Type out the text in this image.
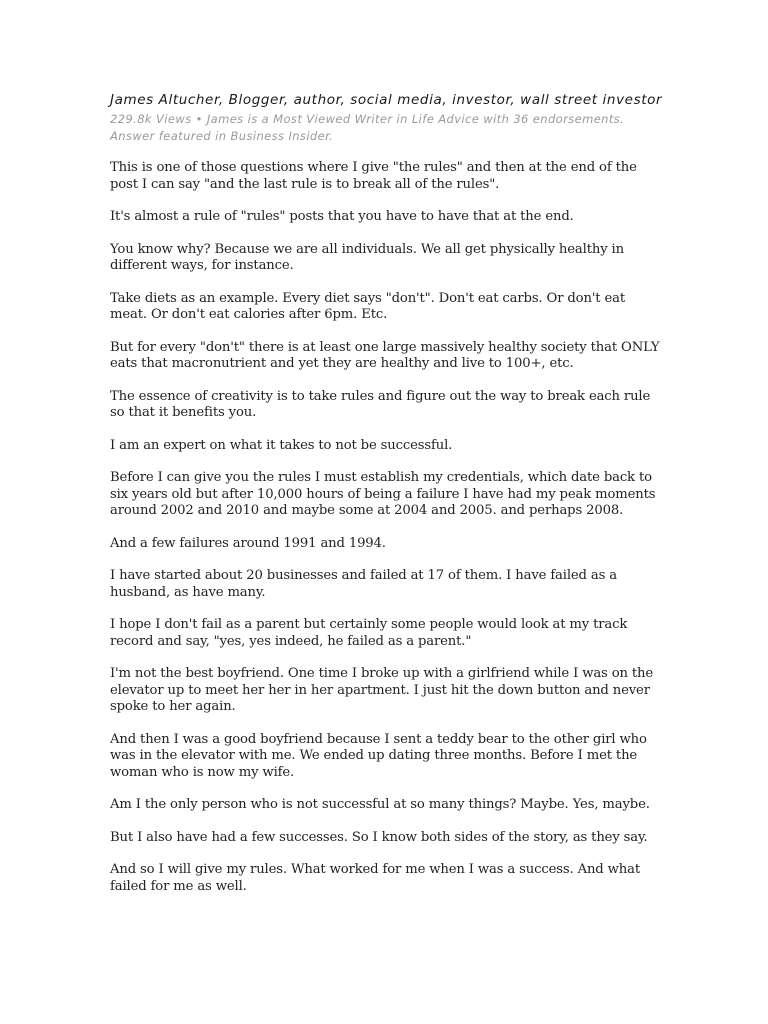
James Altucher, Blogger, author, social media, investor, wall street investor
229.8k Views • James is a Most Viewed Writer in Life Advice with 36 endorsements.
Answer featured in Business Insider.

This is one of those questions where I give "the rules" and then at the end of the post I can say "and the last rule is to break all of the rules".

It's almost a rule of "rules" posts that you have to have that at the end.

You know why? Because we are all individuals. We all get physically healthy in different ways, for instance.

Take diets as an example. Every diet says "don't". Don't eat carbs. Or don't eat meat. Or don't eat calories after 6pm. Etc.

But for every "don't" there is at least one large massively healthy society that ONLY eats that macronutrient and yet they are healthy and live to 100+, etc.

The essence of creativity is to take rules and figure out the way to break each rule so that it benefits you.

I am an expert on what it takes to not be successful.

Before I can give you the rules I must establish my credentials, which date back to six years old but after 10,000 hours of being a failure I have had my peak moments around 2002 and 2010 and maybe some at 2004 and 2005. and perhaps 2008.

And a few failures around 1991 and 1994.

I have started about 20 businesses and failed at 17 of them. I have failed as a husband, as have many.

I hope I don't fail as a parent but certainly some people would look at my track record and say, "yes, yes indeed, he failed as a parent."

I'm not the best boyfriend. One time I broke up with a girlfriend while I was on the elevator up to meet her her in her apartment. I just hit the down button and never spoke to her again.

And then I was a good boyfriend because I sent a teddy bear to the other girl who was in the elevator with me. We ended up dating three months. Before I met the woman who is now my wife.

Am I the only person who is not successful at so many things? Maybe. Yes, maybe.

But I also have had a few successes. So I know both sides of the story, as they say.

And so I will give my rules. What worked for me when I was a success. And what failed for me as well.
